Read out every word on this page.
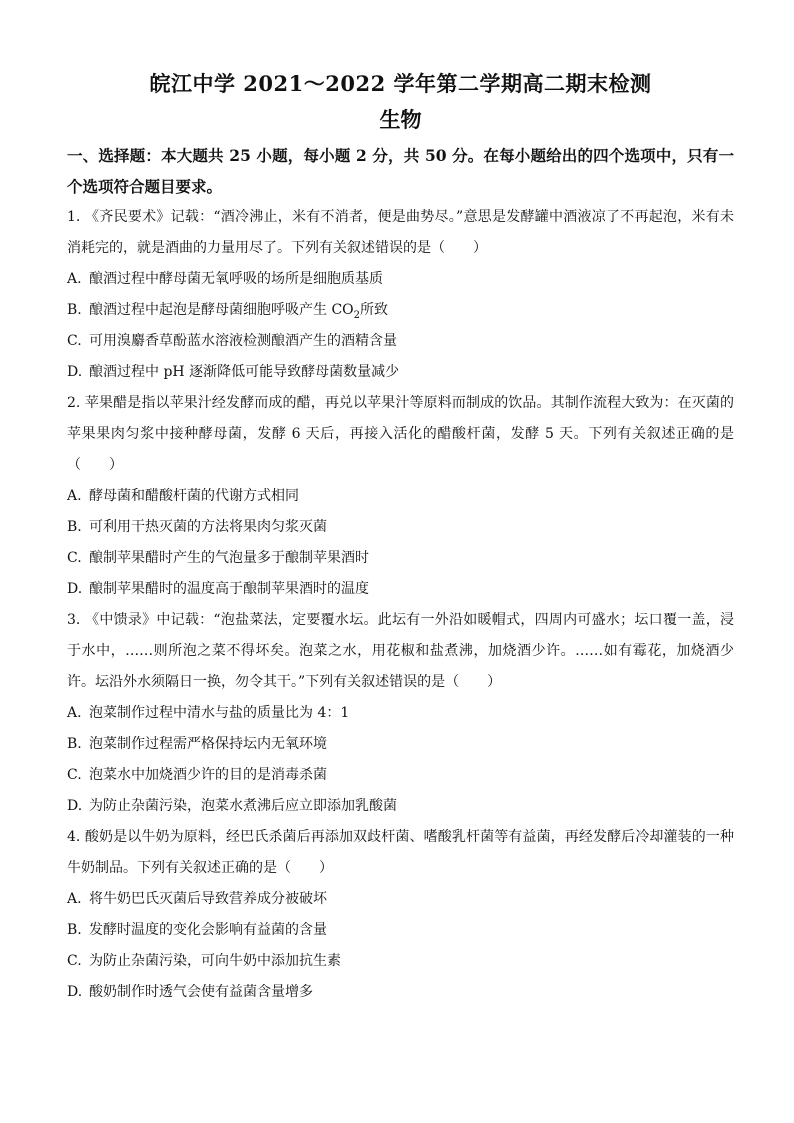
皖江中学 2021～2022 学年第二学期高二期末检测

生物

一、选择题：本大题共 25 小题，每小题 2 分，共 50 分。在每小题给出的四个选项中，只有一个选项符合题目要求。

1. 《齐民要术》记载：“酒冷沸止，米有不消者，便是曲势尽。”意思是发酵罐中酒液凉了不再起泡，米有未消耗完的，就是酒曲的力量用尽了。下列有关叙述错误的是（　　）

A. 酿酒过程中酵母菌无氧呼吸的场所是细胞质基质

B. 酿酒过程中起泡是酵母菌细胞呼吸产生 $CO_2$所致

C. 可用溴麝香草酚蓝水溶液检测酿酒产生的酒精含量

D. 酿酒过程中 pH 逐渐降低可能导致酵母菌数量减少

2. 苹果醋是指以苹果汁经发酵而成的醋，再兑以苹果汁等原料而制成的饮品。其制作流程大致为：在灭菌的苹果果肉匀浆中接种酵母菌，发酵 6 天后，再接入活化的醋酸杆菌，发酵 5 天。下列有关叙述正确的是（　　）

A. 酵母菌和醋酸杆菌的代谢方式相同

B. 可利用干热灭菌的方法将果肉匀浆灭菌

C. 酿制苹果醋时产生的气泡量多于酿制苹果酒时

D. 酿制苹果醋时的温度高于酿制苹果酒时的温度

3. 《中馈录》中记载：“泡盐菜法，定要覆水坛。此坛有一外沿如暖帽式，四周内可盛水；坛口覆一盖，浸于水中，……则所泡之菜不得坏矣。泡菜之水，用花椒和盐煮沸，加烧酒少许。……如有霉花，加烧酒少许。坛沿外水须隔日一换，勿令其干。”下列有关叙述错误的是（　　）

A. 泡菜制作过程中清水与盐的质量比为 4：1

B. 泡菜制作过程需严格保持坛内无氧环境

C. 泡菜水中加烧酒少许的目的是消毒杀菌

D. 为防止杂菌污染，泡菜水煮沸后应立即添加乳酸菌

4. 酸奶是以牛奶为原料，经巴氏杀菌后再添加双歧杆菌、嗜酸乳杆菌等有益菌，再经发酵后冷却灌装的一种牛奶制品。下列有关叙述正确的是（　　）

A. 将牛奶巴氏灭菌后导致营养成分被破坏

B. 发酵时温度的变化会影响有益菌的含量

C. 为防止杂菌污染，可向牛奶中添加抗生素

D. 酸奶制作时透气会使有益菌含量增多
